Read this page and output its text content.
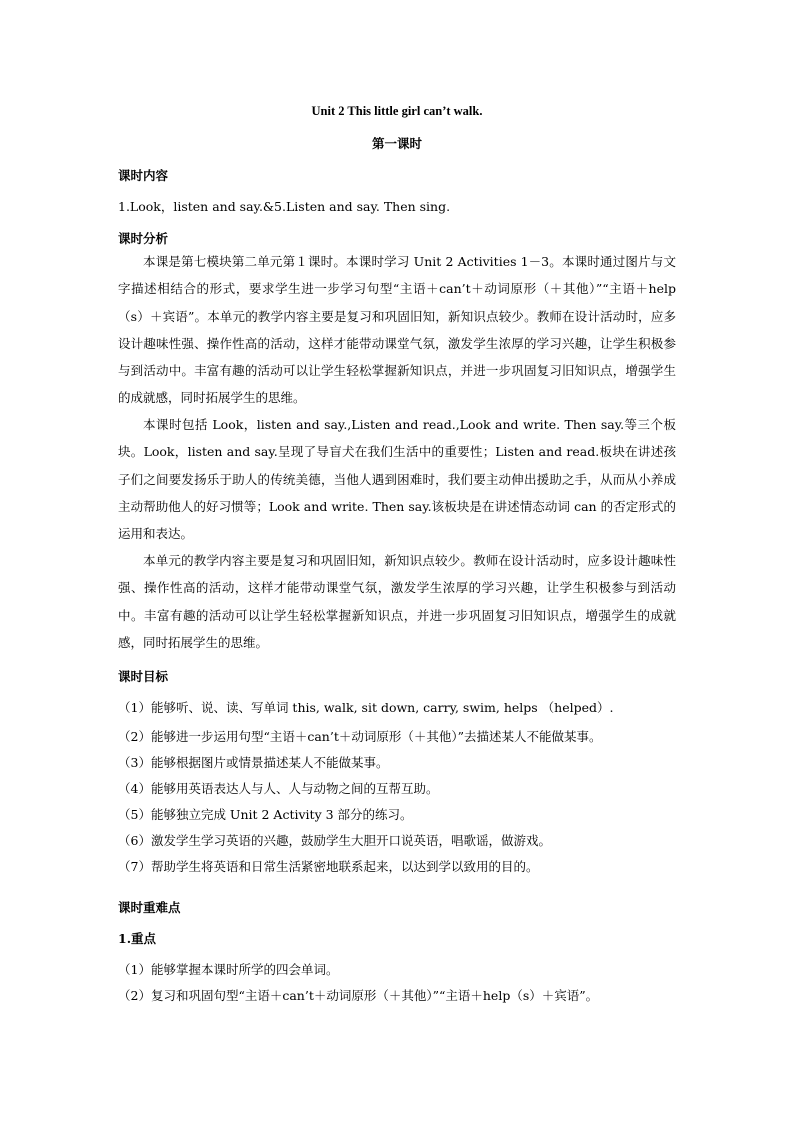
Unit 2 This little girl can’t walk.
第一课时
课时内容
1.Look，listen and say.&5.Listen and say. Then sing.
课时分析

本课是第七模块第二单元第１课时。本课时学习 Unit 2 Activities 1－3。本课时通过图片与文字描述相结合的形式，要求学生进一步学习句型“主语＋can’t＋动词原形（＋其他）”“主语＋help（s）＋宾语”。本单元的教学内容主要是复习和巩固旧知，新知识点较少。教师在设计活动时，应多设计趣味性强、操作性高的活动，这样才能带动课堂气氛，激发学生浓厚的学习兴趣，让学生积极参与到活动中。丰富有趣的活动可以让学生轻松掌握新知识点，并进一步巩固复习旧知识点，增强学生的成就感，同时拓展学生的思维。

本课时包括 Look，listen and say.,Listen and read.,Look and write. Then say.等三个板块。Look，listen and say.呈现了导盲犬在我们生活中的重要性；Listen and read.板块在讲述孩子们之间要发扬乐于助人的传统美德，当他人遇到困难时，我们要主动伸出援助之手，从而从小养成主动帮助他人的好习惯等；Look and write. Then say.该板块是在讲述情态动词 can 的否定形式的运用和表达。

本单元的教学内容主要是复习和巩固旧知，新知识点较少。教师在设计活动时，应多设计趣味性强、操作性高的活动，这样才能带动课堂气氛，激发学生浓厚的学习兴趣，让学生积极参与到活动中。丰富有趣的活动可以让学生轻松掌握新知识点，并进一步巩固复习旧知识点，增强学生的成就感，同时拓展学生的思维。

课时目标
（1）能够听、说、读、写单词 this, walk, sit down, carry, swim, helps （helped）.
（2）能够进一步运用句型“主语＋can’t＋动词原形（＋其他）”去描述某人不能做某事。
（3）能够根据图片或情景描述某人不能做某事。
（4）能够用英语表达人与人、人与动物之间的互帮互助。
（5）能够独立完成 Unit 2 Activity 3 部分的练习。
（6）激发学生学习英语的兴趣，鼓励学生大胆开口说英语，唱歌谣，做游戏。
（7）帮助学生将英语和日常生活紧密地联系起来，以达到学以致用的目的。
课时重难点
1.重点
（1）能够掌握本课时所学的四会单词。
（2）复习和巩固句型“主语＋can’t＋动词原形（＋其他）”“主语＋help（s）＋宾语”。
